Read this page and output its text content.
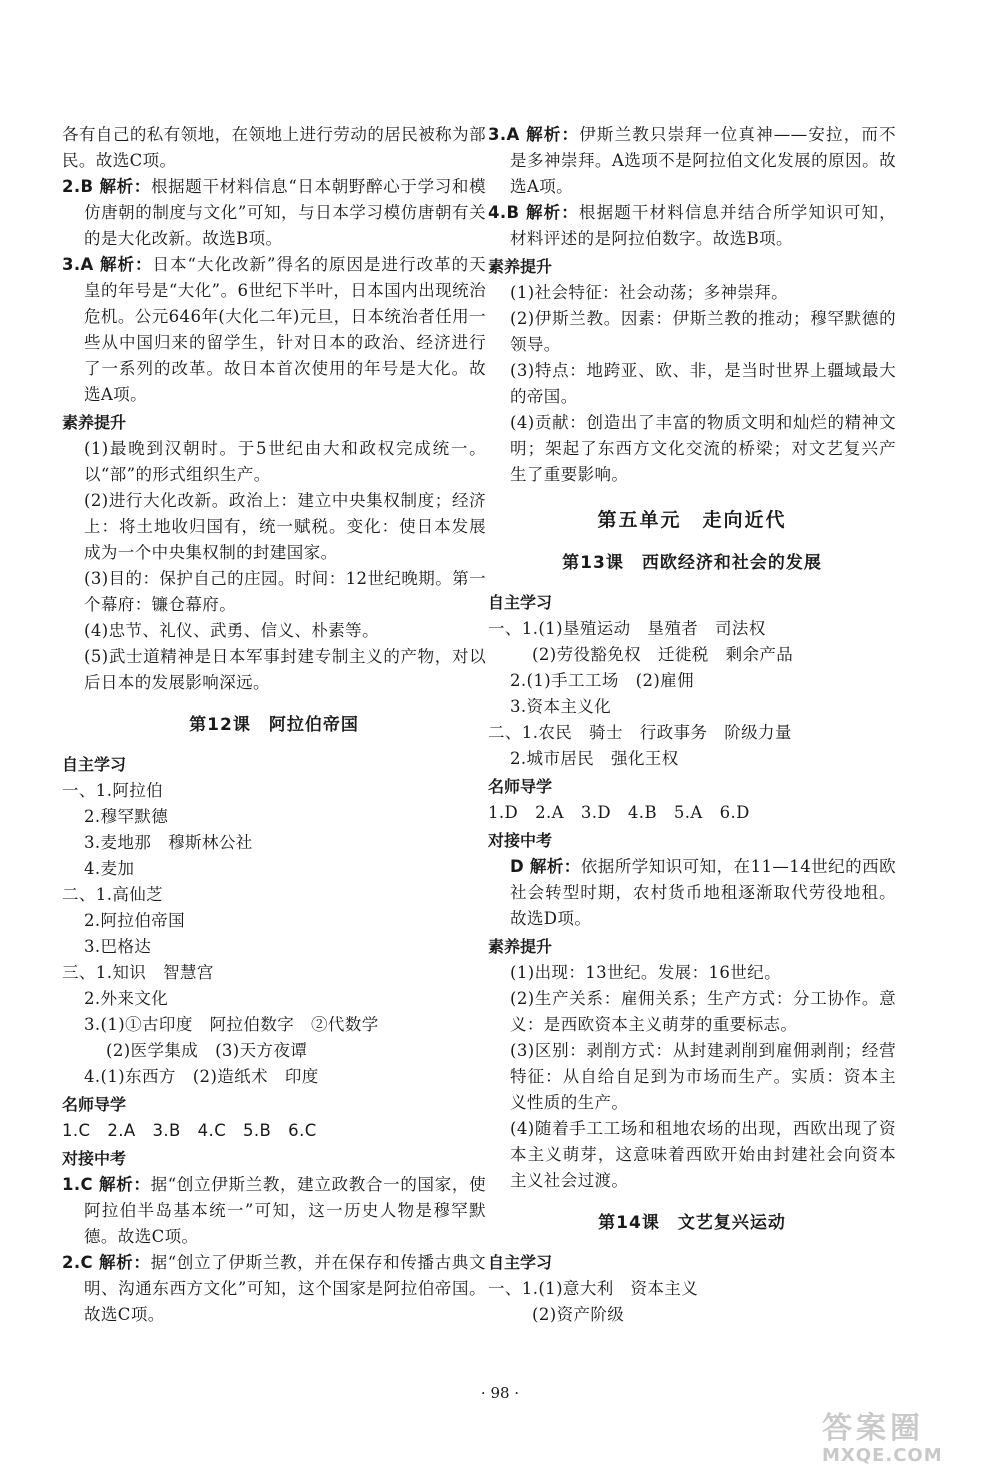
各有自己的私有领地，在领地上进行劳动的居民被称为部民。故选C项。

2.B 解析：根据题干材料信息“日本朝野醉心于学习和模仿唐朝的制度与文化”可知，与日本学习模仿唐朝有关的是大化改新。故选B项。

3.A 解析：日本“大化改新”得名的原因是进行改革的天皇的年号是“大化”。6世纪下半叶，日本国内出现统治危机。公元646年(大化二年)元旦，日本统治者任用一些从中国归来的留学生，针对日本的政治、经济进行了一系列的改革。故日本首次使用的年号是大化。故选A项。

素养提升

(1)最晚到汉朝时。于5世纪由大和政权完成统一。以“部”的形式组织生产。

(2)进行大化改新。政治上：建立中央集权制度；经济上：将土地收归国有，统一赋税。变化：使日本发展成为一个中央集权制的封建国家。

(3)目的：保护自己的庄园。时间：12世纪晚期。第一个幕府：镰仓幕府。

(4)忠节、礼仪、武勇、信义、朴素等。

(5)武士道精神是日本军事封建专制主义的产物，对以后日本的发展影响深远。

第12课　阿拉伯帝国
自主学习

一、1.阿拉伯

2.穆罕默德

3.麦地那　穆斯林公社

4.麦加

二、1.高仙芝

2.阿拉伯帝国

3.巴格达

三、1.知识　智慧宫

2.外来文化

3.(1)①古印度　阿拉伯数字　②代数学

(2)医学集成　(3)天方夜谭

4.(1)东西方　(2)造纸术　印度

名师导学

1.C　2.A　3.B　4.C　5.B　6.C

对接中考

1.C 解析：据“创立伊斯兰教，建立政教合一的国家，使阿拉伯半岛基本统一”可知，这一历史人物是穆罕默德。故选C项。

2.C 解析：据“创立了伊斯兰教，并在保存和传播古典文明、沟通东西方文化”可知，这个国家是阿拉伯帝国。故选C项。

3.A 解析：伊斯兰教只崇拜一位真神——安拉，而不是多神崇拜。A选项不是阿拉伯文化发展的原因。故选A项。

4.B 解析：根据题干材料信息并结合所学知识可知，材料评述的是阿拉伯数字。故选B项。

素养提升

(1)社会特征：社会动荡；多神崇拜。

(2)伊斯兰教。因素：伊斯兰教的推动；穆罕默德的领导。

(3)特点：地跨亚、欧、非，是当时世界上疆域最大的帝国。

(4)贡献：创造出了丰富的物质文明和灿烂的精神文明；架起了东西方文化交流的桥梁；对文艺复兴产生了重要影响。

第五单元　走向近代
第13课　西欧经济和社会的发展
自主学习

一、1.(1)垦殖运动　垦殖者　司法权

(2)劳役豁免权　迁徙税　剩余产品

2.(1)手工工场　(2)雇佣

3.资本主义化

二、1.农民　骑士　行政事务　阶级力量

2.城市居民　强化王权

名师导学

1.D　2.A　3.D　4.B　5.A　6.D

对接中考

D 解析：依据所学知识可知，在11—14世纪的西欧社会转型时期，农村货币地租逐渐取代劳役地租。故选D项。

素养提升

(1)出现：13世纪。发展：16世纪。

(2)生产关系：雇佣关系；生产方式：分工协作。意义：是西欧资本主义萌芽的重要标志。

(3)区别：剥削方式：从封建剥削到雇佣剥削；经营特征：从自给自足到为市场而生产。实质：资本主义性质的生产。

(4)随着手工工场和租地农场的出现，西欧出现了资本主义萌芽，这意味着西欧开始由封建社会向资本主义社会过渡。

第14课　文艺复兴运动
自主学习

一、1.(1)意大利　资本主义

(2)资产阶级

· 98 ·
答案圈
MXQE.COM
